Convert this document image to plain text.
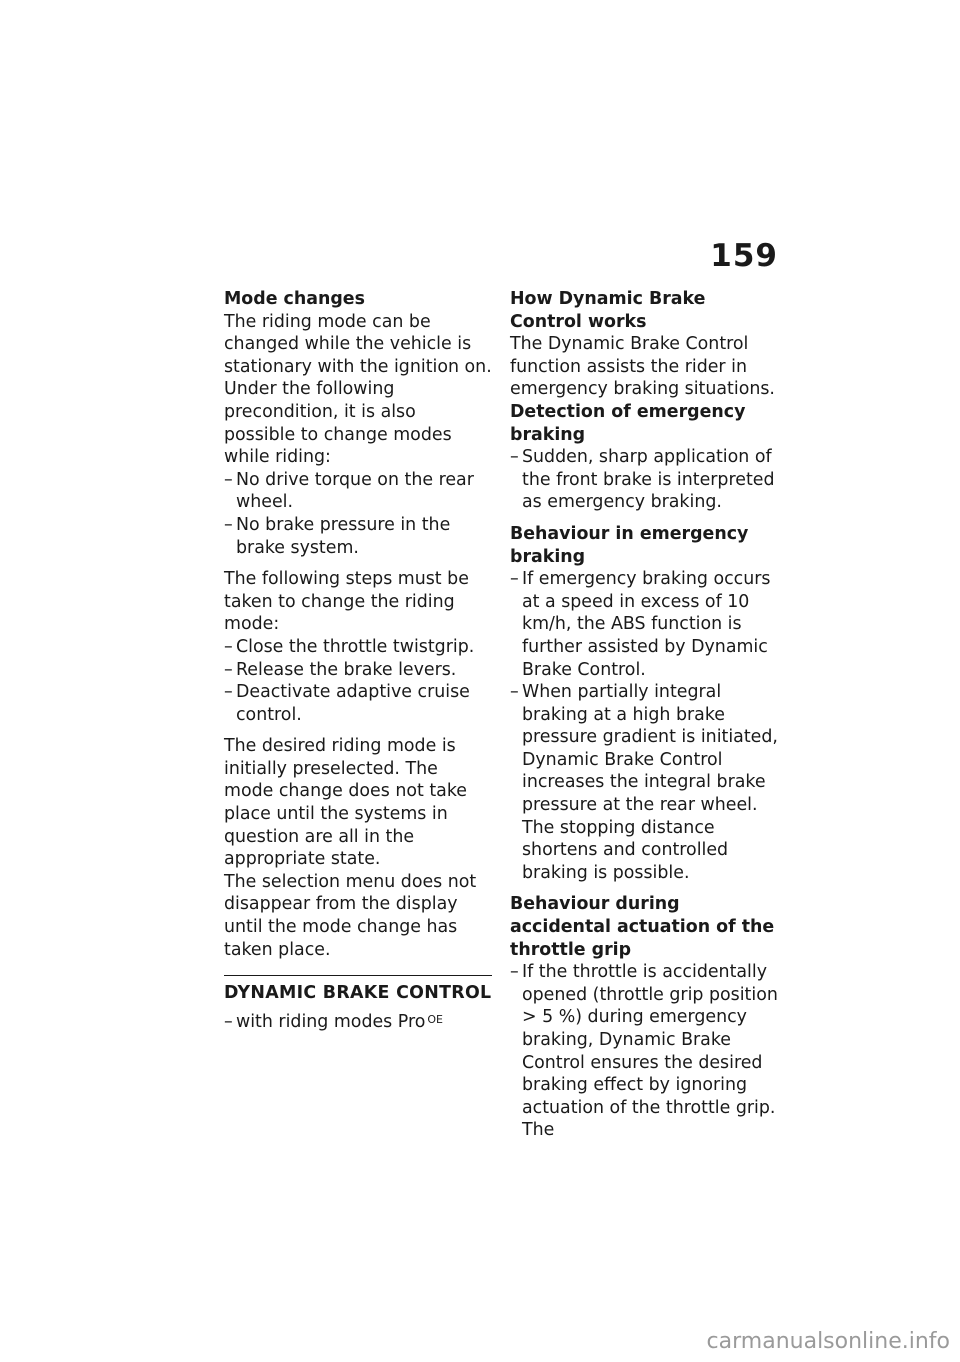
159
Mode changes

The riding mode can be changed while the vehicle is stationary with the ignition on. Under the following precondition, it is also possible to change modes while riding:

– No drive torque on the rear wheel.
– No brake pressure in the brake system.

The following steps must be taken to change the riding mode:

– Close the throttle twistgrip.
– Release the brake levers.
– Deactivate adaptive cruise control.

The desired riding mode is initially preselected. The mode change does not take place until the systems in question are all in the appropriate state.

The selection menu does not disappear from the display until the mode change has taken place.

DYNAMIC BRAKE CONTROL
– with riding modes Pro $^{OE}$
How Dynamic Brake Control works

The Dynamic Brake Control function assists the rider in emergency braking situations.

Detection of emergency braking
– Sudden, sharp application of the front brake is interpreted as emergency braking.
Behaviour in emergency braking
– If emergency braking occurs at a speed in excess of 10 km/h, the ABS function is further assisted by Dynamic Brake Control.
– When partially integral braking at a high brake pressure gradient is initiated, Dynamic Brake Control increases the integral brake pressure at the rear wheel. The stopping distance shortens and controlled braking is possible.
Behaviour during accidental actuation of the throttle grip
– If the throttle is accidentally opened (throttle grip position > 5 %) during emergency braking, Dynamic Brake Control ensures the desired braking effect by ignoring actuation of the throttle grip. The
carmanualsonline.info
